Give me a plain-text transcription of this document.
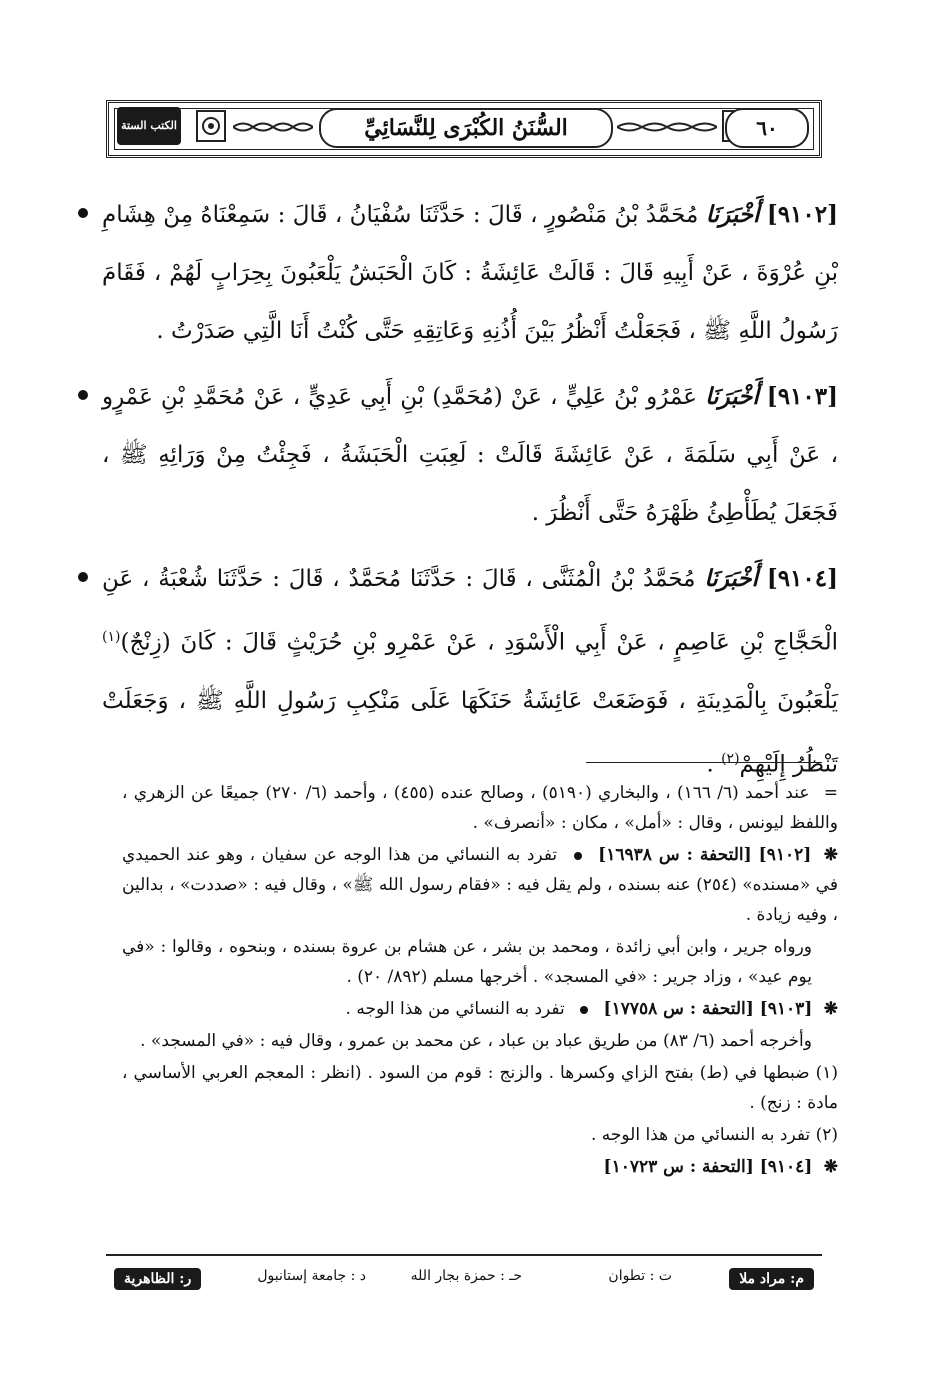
الكتب الستة	السُّنَنُ الكُبْرَى لِلنَّسَائِيِّ	٦٠

[٩١٠٢] أَخْبَرَنَا مُحَمَّدُ بْنُ مَنْصُورٍ ، قَالَ : حَدَّثَنَا سُفْيَانُ ، قَالَ : سَمِعْنَاهُ مِنْ هِشَامِ بْنِ عُرْوَةَ ، عَنْ أَبِيهِ قَالَ : قَالَتْ عَائِشَةُ : كَانَ الْحَبَشُ يَلْعَبُونَ بِحِرَابٍ لَهُمْ ، فَقَامَ رَسُولُ اللَّهِ ﷺ ، فَجَعَلْتُ أَنْظُرُ بَيْنَ أُذُنِهِ وَعَاتِقِهِ حَتَّى كُنْتُ أَنَا الَّتِي صَدَرْتُ .

[٩١٠٣] أَخْبَرَنَا عَمْرُو بْنُ عَلِيٍّ ، عَنْ (مُحَمَّدِ) بْنِ أَبِي عَدِيٍّ ، عَنْ مُحَمَّدِ بْنِ عَمْرٍو ، عَنْ أَبِي سَلَمَةَ ، عَنْ عَائِشَةَ قَالَتْ : لَعِبَتِ الْحَبَشَةُ ، فَجِئْتُ مِنْ وَرَائِهِ ﷺ ، فَجَعَلَ يُطَأْطِئُ ظَهْرَهُ حَتَّى أَنْظُرَ .

[٩١٠٤] أَخْبَرَنَا مُحَمَّدُ بْنُ الْمُثَنَّى ، قَالَ : حَدَّثَنَا مُحَمَّدٌ ، قَالَ : حَدَّثَنَا شُعْبَةُ ، عَنِ الْحَجَّاجِ بْنِ عَاصِمٍ ، عَنْ أَبِي الْأَسْوَدِ ، عَنْ عَمْرِو بْنِ حُرَيْثٍ قَالَ : كَانَ (زِنْجٌ)$^{(١)}$ يَلْعَبُونَ بِالْمَدِينَةِ ، فَوَضَعَتْ عَائِشَةُ حَنَكَهَا عَلَى مَنْكِبِ رَسُولِ اللَّهِ ﷺ ، وَجَعَلَتْ تَنْظُرُ إِلَيْهِمْ$^{(٢)}$ .

= عند أحمد (٦/ ١٦٦) ، والبخاري (٥١٩٠) ، وصالح عنده (٤٥٥) ، وأحمد (٦/ ٢٧٠) جميعًا عن الزهري ، واللفظ ليونس ، وقال : «أمل» ، مكان : «أنصرف» .

❋ [٩١٠٢] [التحفة : س ١٦٩٣٨]  تفرد به النسائي من هذا الوجه عن سفيان ، وهو عند الحميدي في «مسنده» (٢٥٤) عنه بسنده ، ولم يقل فيه : «فقام رسول الله ﷺ» ، وقال فيه : «صددت» ، بدالين ، وفيه زيادة .

ورواه جرير ، وابن أبي زائدة ، ومحمد بن بشر ، عن هشام بن عروة بسنده ، وبنحوه ، وقالوا : «في يوم عيد» ، وزاد جرير : «في المسجد» . أخرجها مسلم (٨٩٢/ ٢٠) .

❋ [٩١٠٣] [التحفة : س ١٧٧٥٨]  تفرد به النسائي من هذا الوجه .

وأخرجه أحمد (٦/ ٨٣) من طريق عباد بن عباد ، عن محمد بن عمرو ، وقال فيه : «في المسجد» .

(١) ضبطها في (ط) بفتح الزاي وكسرها . والزنج : قوم من السود . (انظر : المعجم العربي الأساسي ، مادة : زنج) .

(٢) تفرد به النسائي من هذا الوجه .

❋ [٩١٠٤] [التحفة : س ١٠٧٢٣]

م: مراد ملا
ت : تطوان
حـ : حمزة بجار الله
د : جامعة إستانبول
ر: الظاهرية
